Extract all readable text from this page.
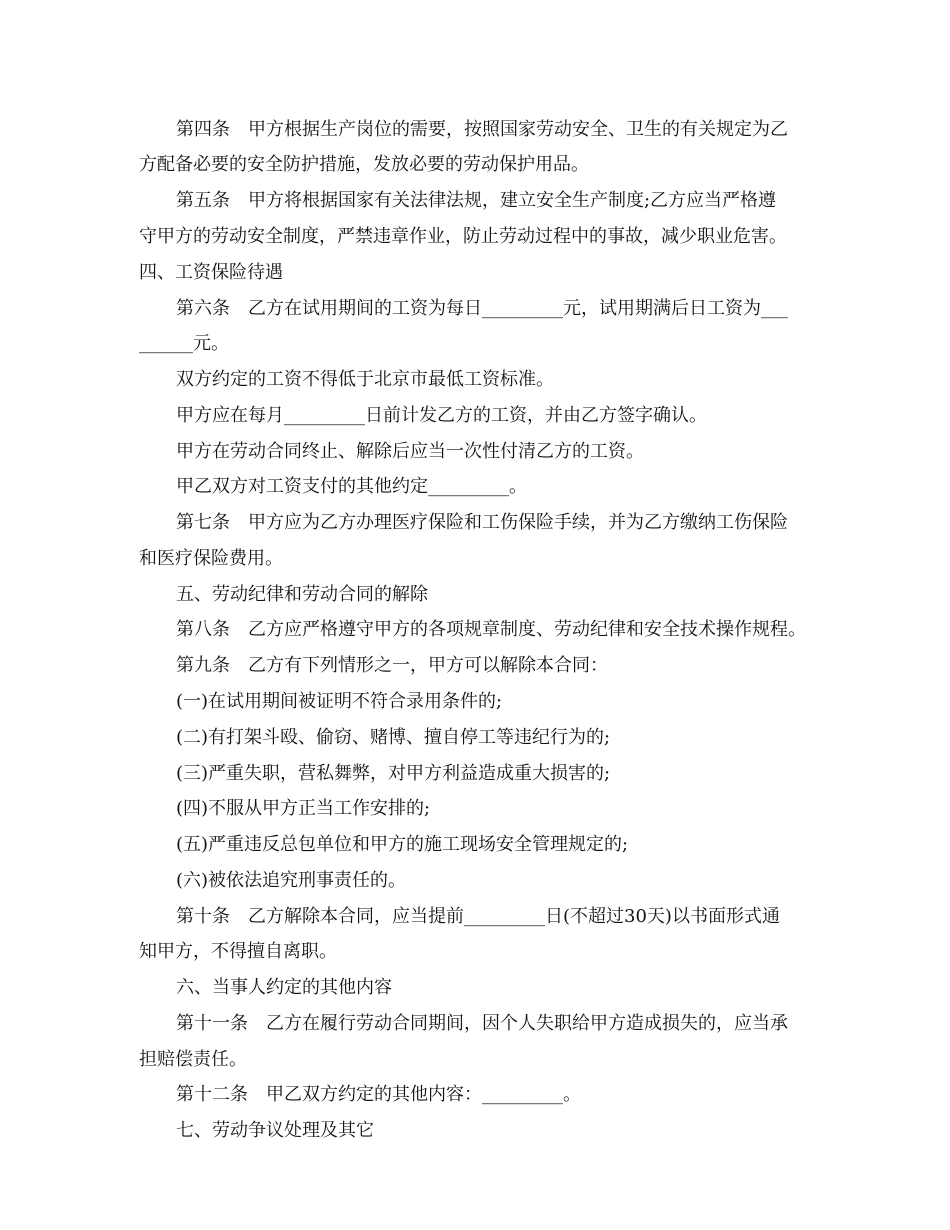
第四条　甲方根据生产岗位的需要，按照国家劳动安全、卫生的有关规定为乙
方配备必要的安全防护措施，发放必要的劳动保护用品。
第五条　甲方将根据国家有关法律法规，建立安全生产制度;乙方应当严格遵
守甲方的劳动安全制度，严禁违章作业，防止劳动过程中的事故，减少职业危害。
四、工资保险待遇
第六条　乙方在试用期间的工资为每日_________元，试用期满后日工资为___
______元。
双方约定的工资不得低于北京市最低工资标准。
甲方应在每月_________日前计发乙方的工资，并由乙方签字确认。
甲方在劳动合同终止、解除后应当一次性付清乙方的工资。
甲乙双方对工资支付的其他约定_________。
第七条　甲方应为乙方办理医疗保险和工伤保险手续，并为乙方缴纳工伤保险
和医疗保险费用。
五、劳动纪律和劳动合同的解除
第八条　乙方应严格遵守甲方的各项规章制度、劳动纪律和安全技术操作规程。
第九条　乙方有下列情形之一，甲方可以解除本合同：
(一)在试用期间被证明不符合录用条件的;
(二)有打架斗殴、偷窃、赌博、擅自停工等违纪行为的;
(三)严重失职，营私舞弊，对甲方利益造成重大损害的;
(四)不服从甲方正当工作安排的;
(五)严重违反总包单位和甲方的施工现场安全管理规定的;
(六)被依法追究刑事责任的。
第十条　乙方解除本合同，应当提前_________日(不超过30天)以书面形式通
知甲方，不得擅自离职。
六、当事人约定的其他内容
第十一条　乙方在履行劳动合同期间，因个人失职给甲方造成损失的，应当承
担赔偿责任。
第十二条　甲乙双方约定的其他内容：_________。
七、劳动争议处理及其它
